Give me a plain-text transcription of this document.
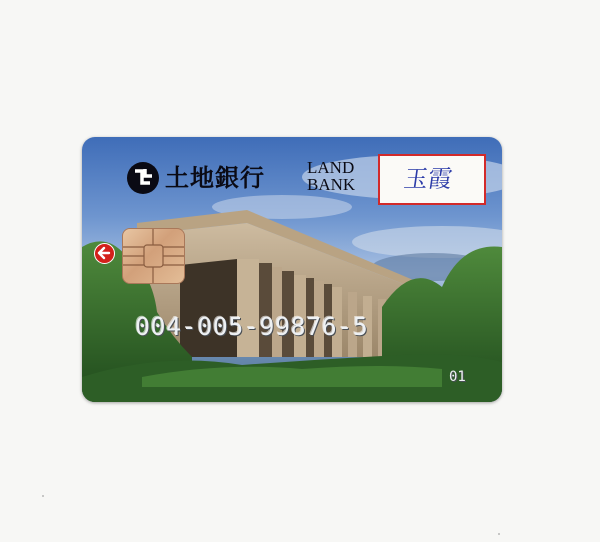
土地銀行 LAND
BANK	玉霞
004-005-99876-5
01
